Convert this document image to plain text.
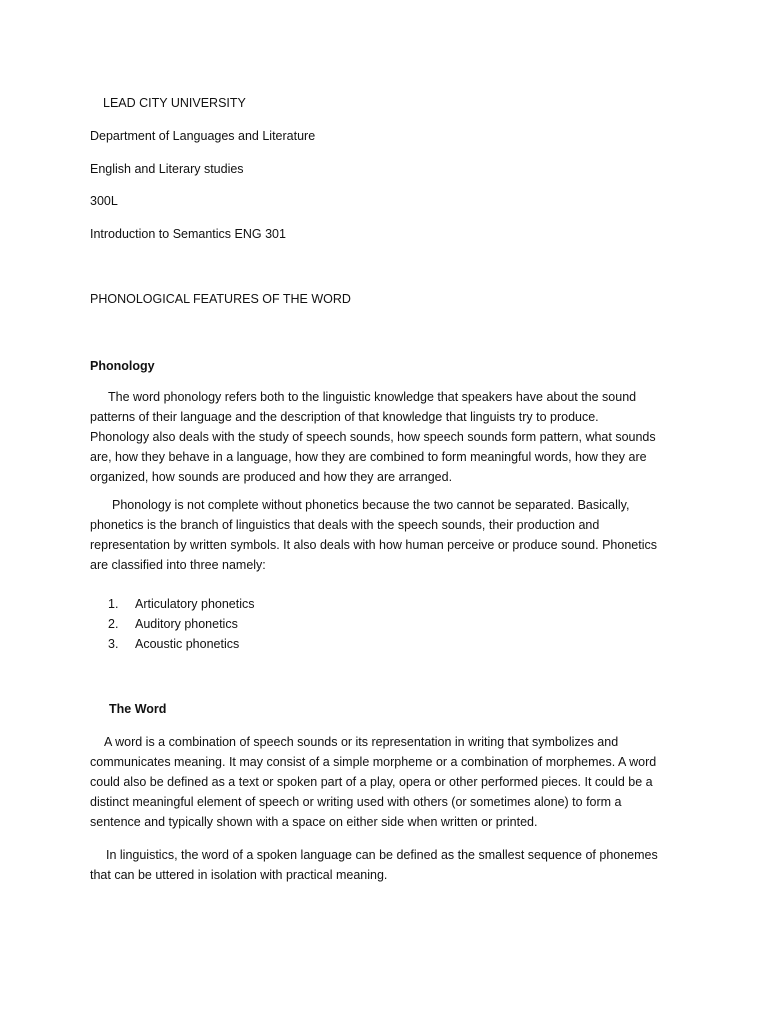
LEAD CITY UNIVERSITY

Department of Languages and Literature

English and Literary studies

300L

Introduction to Semantics ENG 301

PHONOLOGICAL FEATURES OF THE WORD

Phonology

The word phonology refers both to the linguistic knowledge that speakers have about the sound

patterns of their language and the description of that knowledge that linguists try to produce.

Phonology also deals with the study of speech sounds, how speech sounds form pattern, what sounds

are, how they behave in a language, how they are combined to form meaningful words, how they are

organized, how sounds are produced and how they are arranged.

Phonology is not complete without phonetics because the two cannot be separated. Basically,

phonetics is the branch of linguistics that deals with the speech sounds, their production and

representation by written symbols. It also deals with how human perceive or produce sound. Phonetics

are classified into three namely:

1.	Articulatory phonetics
2.	Auditory phonetics
3.	Acoustic phonetics

The Word

A word is a combination of speech sounds or its representation in writing that symbolizes and

communicates meaning. It may consist of a simple morpheme or a combination of morphemes. A word

could also be defined as a text or spoken part of a play, opera or other performed pieces. It could be a

distinct meaningful element of speech or writing used with others (or sometimes alone) to form a

sentence and typically shown with a space on either side when written or printed.

In linguistics, the word of a spoken language can be defined as the smallest sequence of phonemes

that can be uttered in isolation with practical meaning.
